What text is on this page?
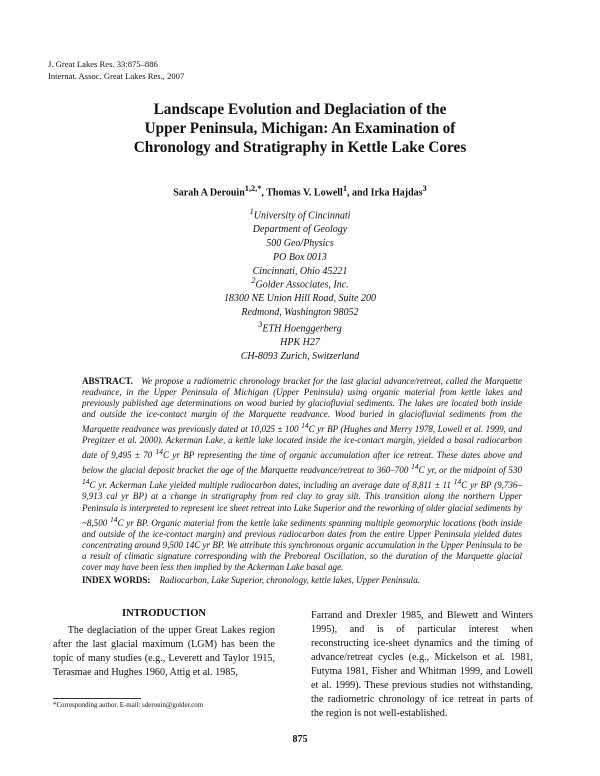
J. Great Lakes Res. 33:875–886
Internat. Assoc. Great Lakes Res., 2007
Landscape Evolution and Deglaciation of the
Upper Peninsula, Michigan: An Examination of
Chronology and Stratigraphy in Kettle Lake Cores
Sarah A Derouin$^{1,2,*}$, Thomas V. Lowell$^1$, and Irka Hajdas$^3$
$^1$University of Cincinnati
Department of Geology
500 Geo/Physics
PO Box 0013
Cincinnati, Ohio 45221
$^2$Golder Associates, Inc.
18300 NE Union Hill Road, Suite 200
Redmond, Washington 98052
$^3$ETH Hoenggerberg
HPK H27
CH-8093 Zurich, Switzerland
ABSTRACT. We propose a radiometric chronology bracket for the last glacial advance/retreat, called the Marquette readvance, in the Upper Peninsula of Michigan (Upper Peninsula) using organic material from kettle lakes and previously published age determinations on wood buried by glaciofluvial sediments. The lakes are located both inside and outside the ice-contact margin of the Marquette readvance. Wood buried in glaciofluvial sediments from the Marquette readvance was previously dated at 10,025 ± 100 $^{14}$C yr BP (Hughes and Merry 1978, Lowell et al. 1999, and Pregitzer et al. 2000). Ackerman Lake, a kettle lake located inside the ice-contact margin, yielded a basal radiocarbon date of 9,495 ± 70 $^{14}$C yr BP representing the time of organic accumulation after ice retreat. These dates above and below the glacial deposit bracket the age of the Marquette readvance/retreat to 360–700 $^{14}$C yr, or the midpoint of 530 $^{14}$C yr. Ackerman Lake yielded multiple radiocarbon dates, including an average date of 8,811 ± 11 $^{14}$C yr BP (9,736–9,913 cal yr BP) at a change in stratigraphy from red clay to gray silt. This transition along the northern Upper Peninsula is interpreted to represent ice sheet retreat into Lake Superior and the reworking of older glacial sediments by ~8,500 $^{14}$C yr BP. Organic material from the kettle lake sediments spanning multiple geomorphic locations (both inside and outside of the ice-contact margin) and previous radiocarbon dates from the entire Upper Peninsula yielded dates concentrating around 9,500 14C yr BP. We attribute this synchronous organic accumulation in the Upper Peninsula to be a result of climatic signature corresponding with the Preboreal Oscillation, so the duration of the Marquette glacial cover may have been less then implied by the Ackerman Lake basal age.
INDEX WORDS: Radiocarbon, Lake Superior, chronology, kettle lakes, Upper Peninsula.
INTRODUCTION
The deglaciation of the upper Great Lakes region after the last glacial maximum (LGM) has been the topic of many studies (e.g., Leverett and Taylor 1915, Terasmae and Hughes 1960, Attig et al. 1985,
Farrand and Drexler 1985, and Blewett and Winters 1995), and is of particular interest when reconstructing ice-sheet dynamics and the timing of advance/retreat cycles (e.g., Mickelson et al. 1981, Futyma 1981, Fisher and Whitman 1999, and Lowell et al. 1999). These previous studies not withstanding, the radiometric chronology of ice retreat in parts of the region is not well-established.
*Corresponding author. E-mail: sderouin@golder.com
875
